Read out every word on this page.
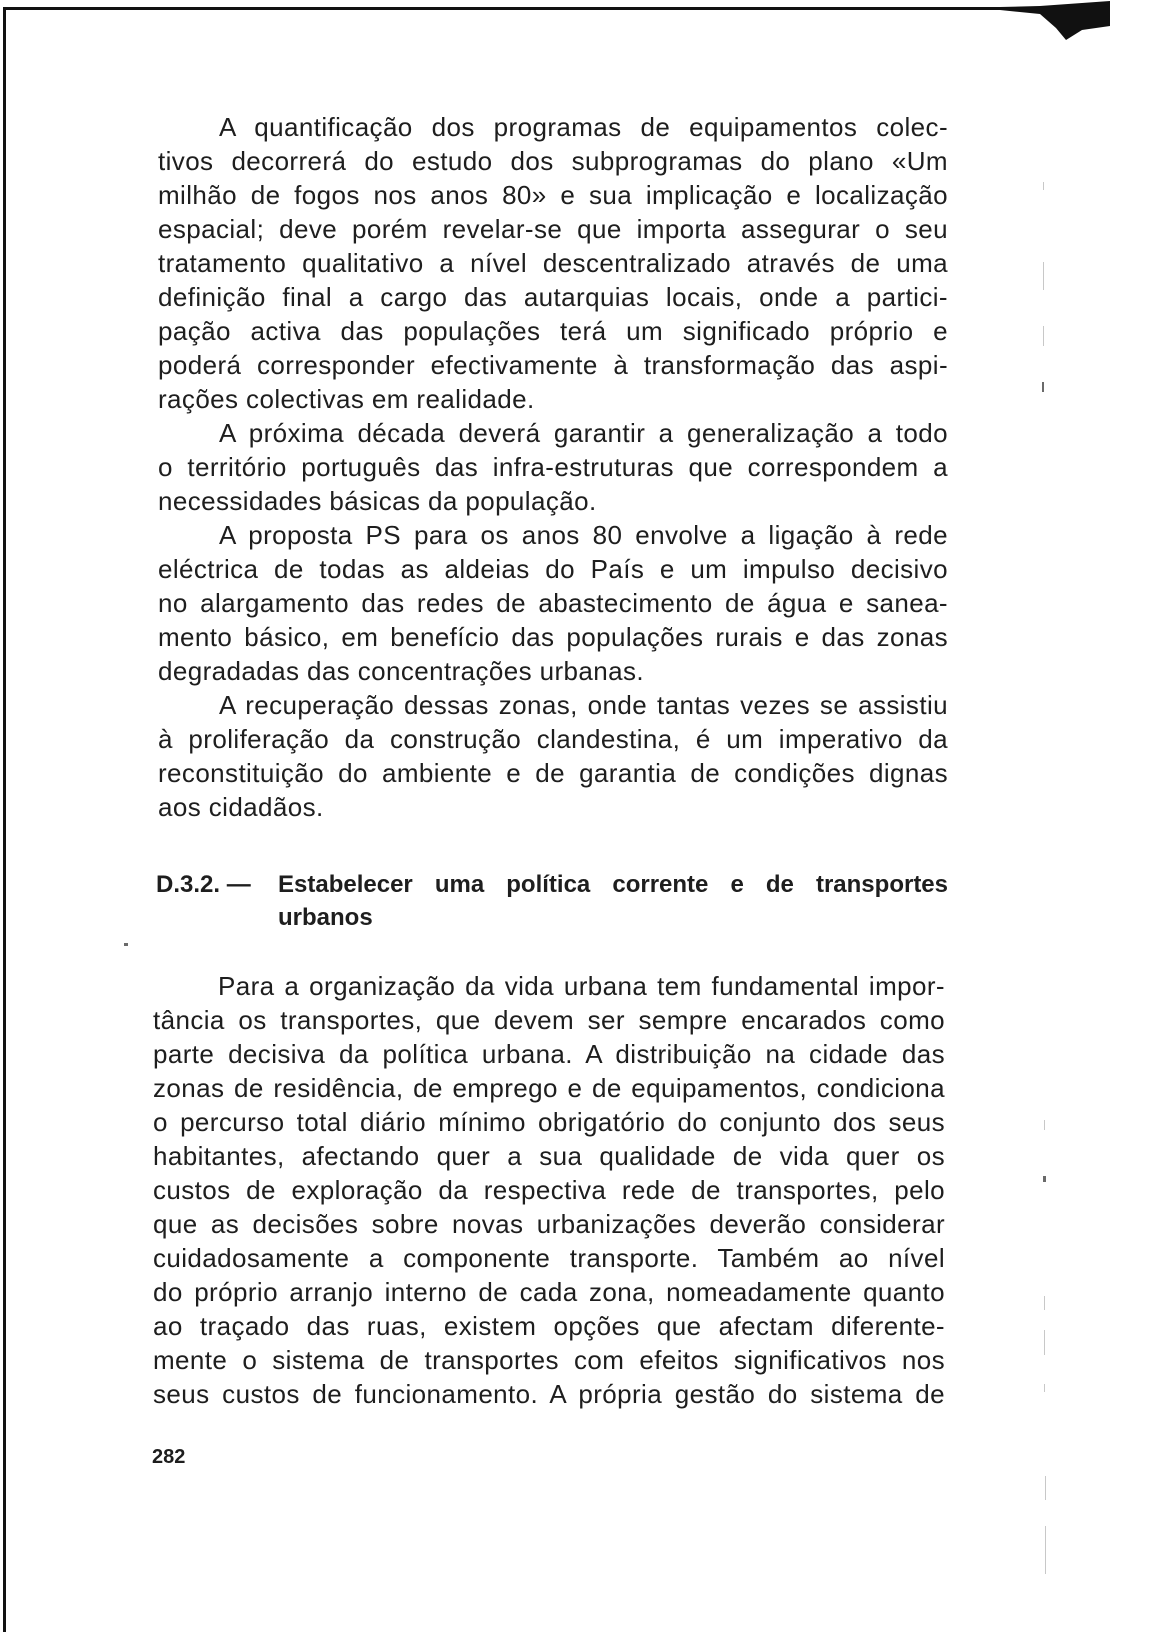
A quantificação dos programas de equipamentos colec-
tivos decorrerá do estudo dos subprogramas do plano «Um
milhão de fogos nos anos 80» e sua implicação e localização
espacial; deve porém revelar-se que importa assegurar o seu
tratamento qualitativo a nível descentralizado através de uma
definição final a cargo das autarquias locais, onde a partici-
pação activa das populações terá um significado próprio e
poderá corresponder efectivamente à transformação das aspi-
rações colectivas em realidade.
A próxima década deverá garantir a generalização a todo
o território português das infra-estruturas que correspondem a
necessidades básicas da população.
A proposta PS para os anos 80 envolve a ligação à rede
eléctrica de todas as aldeias do País e um impulso decisivo
no alargamento das redes de abastecimento de água e sanea-
mento básico, em benefício das populações rurais e das zonas
degradadas das concentrações urbanas.
A recuperação dessas zonas, onde tantas vezes se assistiu
à proliferação da construção clandestina, é um imperativo da
reconstituição do ambiente e de garantia de condições dignas
aos cidadãos.
D.3.2. —	Estabelecer uma política corrente e de transportes
urbanos
Para a organização da vida urbana tem fundamental impor-
tância os transportes, que devem ser sempre encarados como
parte decisiva da política urbana. A distribuição na cidade das
zonas de residência, de emprego e de equipamentos, condiciona
o percurso total diário mínimo obrigatório do conjunto dos seus
habitantes, afectando quer a sua qualidade de vida quer os
custos de exploração da respectiva rede de transportes, pelo
que as decisões sobre novas urbanizações deverão considerar
cuidadosamente a componente transporte. Também ao nível
do próprio arranjo interno de cada zona, nomeadamente quanto
ao traçado das ruas, existem opções que afectam diferente-
mente o sistema de transportes com efeitos significativos nos
seus custos de funcionamento. A própria gestão do sistema de
282
